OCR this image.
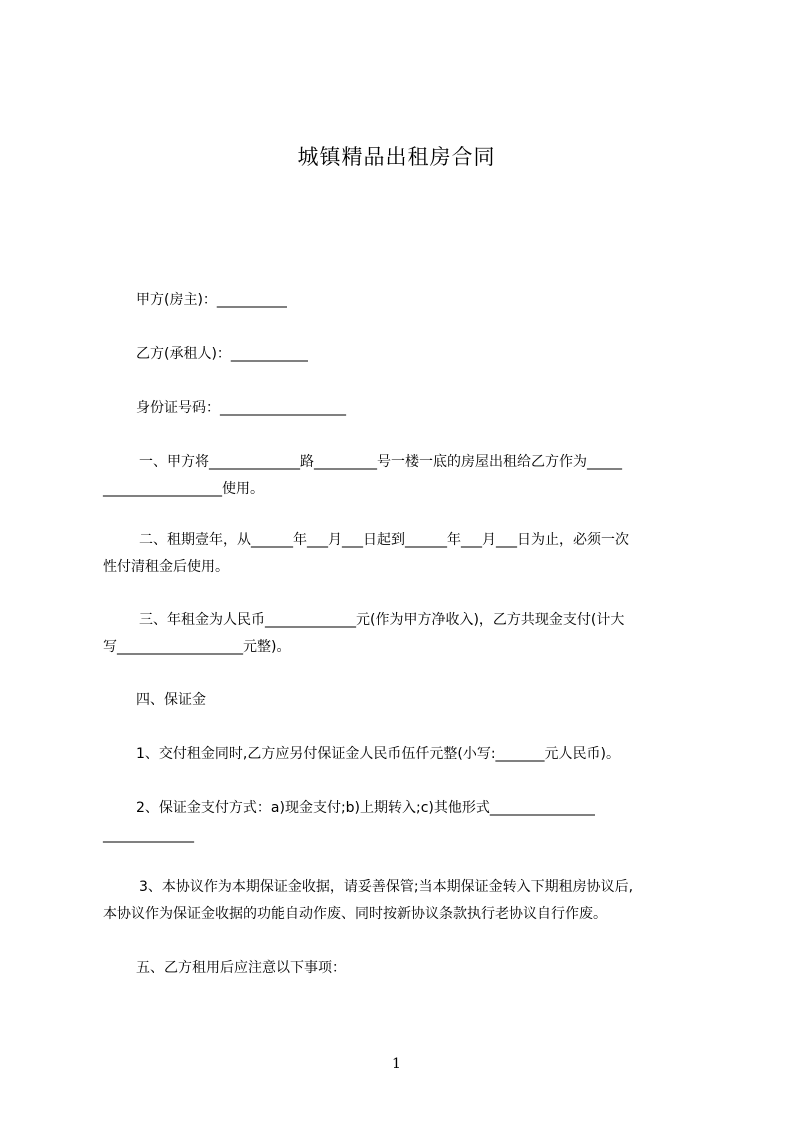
城镇精品出租房合同

甲方(房主)：__________

乙方(承租人)：___________

身份证号码：__________________

一、甲方将_____________路_________号一楼一底的房屋出租给乙方作为_____

_________________使用。

二、租期壹年，从______年___月___日起到______年___月___日为止，必须一次

性付清租金后使用。

三、年租金为人民币_____________元(作为甲方净收入)，乙方共现金支付(计大

写__________________元整)。

四、保证金

1、交付租金同时,乙方应另付保证金人民币伍仟元整(小写:_______元人民币)。

2、保证金支付方式：a)现金支付;b)上期转入;c)其他形式_______________

_____________

3、本协议作为本期保证金收据，请妥善保管;当本期保证金转入下期租房协议后,

本协议作为保证金收据的功能自动作废、同时按新协议条款执行老协议自行作废。

五、乙方租用后应注意以下事项：

1
